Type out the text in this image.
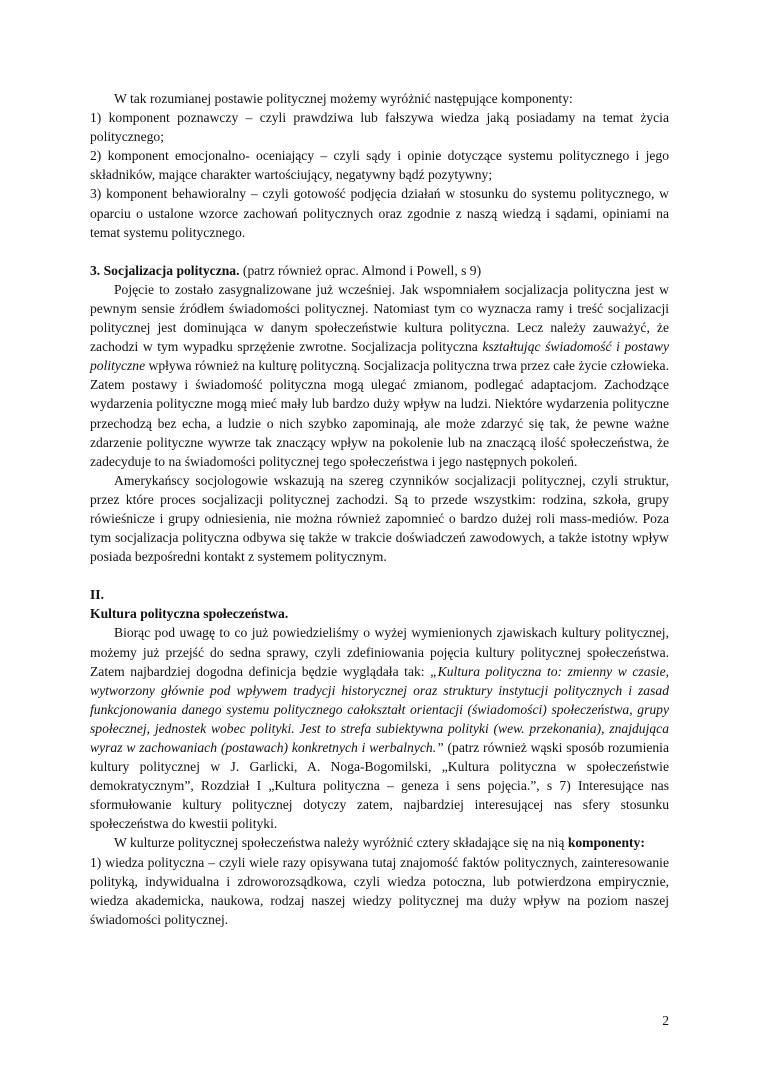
W tak rozumianej postawie politycznej możemy wyróżnić następujące komponenty:

1) komponent poznawczy – czyli prawdziwa lub fałszywa wiedza jaką posiadamy na temat życia politycznego;

2) komponent emocjonalno- oceniający – czyli sądy i opinie dotyczące systemu politycznego i jego składników, mające charakter wartościujący, negatywny bądź pozytywny;

3) komponent behawioralny – czyli gotowość podjęcia działań w stosunku do systemu politycznego, w oparciu o ustalone wzorce zachowań politycznych oraz zgodnie z naszą wiedzą i sądami, opiniami na temat systemu politycznego.

3. Socjalizacja polityczna. (patrz również oprac. Almond i Powell, s 9)

Pojęcie to zostało zasygnalizowane już wcześniej. Jak wspomniałem socjalizacja polityczna jest w pewnym sensie źródłem świadomości politycznej. Natomiast tym co wyznacza ramy i treść socjalizacji politycznej jest dominująca w danym społeczeństwie kultura polityczna. Lecz należy zauważyć, że zachodzi w tym wypadku sprzężenie zwrotne. Socjalizacja polityczna kształtując świadomość i postawy polityczne wpływa również na kulturę polityczną. Socjalizacja polityczna trwa przez całe życie człowieka. Zatem postawy i świadomość polityczna mogą ulegać zmianom, podlegać adaptacjom. Zachodzące wydarzenia polityczne mogą mieć mały lub bardzo duży wpływ na ludzi. Niektóre wydarzenia polityczne przechodzą bez echa, a ludzie o nich szybko zapominają, ale może zdarzyć się tak, że pewne ważne zdarzenie polityczne wywrze tak znaczący wpływ na pokolenie lub na znaczącą ilość społeczeństwa, że zadecyduje to na świadomości politycznej tego społeczeństwa i jego następnych pokoleń.

Amerykańscy socjologowie wskazują na szereg czynników socjalizacji politycznej, czyli struktur, przez które proces socjalizacji politycznej zachodzi. Są to przede wszystkim: rodzina, szkoła, grupy rówieśnicze i grupy odniesienia, nie można również zapomnieć o bardzo dużej roli mass-mediów. Poza tym socjalizacja polityczna odbywa się także w trakcie doświadczeń zawodowych, a także istotny wpływ posiada bezpośredni kontakt z systemem politycznym.

II.

Kultura polityczna społeczeństwa.

Biorąc pod uwagę to co już powiedzieliśmy o wyżej wymienionych zjawiskach kultury politycznej, możemy już przejść do sedna sprawy, czyli zdefiniowania pojęcia kultury politycznej społeczeństwa. Zatem najbardziej dogodna definicja będzie wyglądała tak: „Kultura polityczna to: zmienny w czasie, wytworzony głównie pod wpływem tradycji historycznej oraz struktury instytucji politycznych i zasad funkcjonowania danego systemu politycznego całokształt orientacji (świadomości) społeczeństwa, grupy społecznej, jednostek wobec polityki. Jest to strefa subiektywna polityki (wew. przekonania), znajdująca wyraz w zachowaniach (postawach) konkretnych i werbalnych.” (patrz również wąski sposób rozumienia kultury politycznej w J. Garlicki, A. Noga-Bogomilski, „Kultura polityczna w społeczeństwie demokratycznym”, Rozdział I „Kultura polityczna – geneza i sens pojęcia.”, s 7) Interesujące nas sformułowanie kultury politycznej dotyczy zatem, najbardziej interesującej nas sfery stosunku społeczeństwa do kwestii polityki.

W kulturze politycznej społeczeństwa należy wyróżnić cztery składające się na nią komponenty:

1) wiedza polityczna – czyli wiele razy opisywana tutaj znajomość faktów politycznych, zainteresowanie polityką, indywidualna i zdroworozsądkowa, czyli wiedza potoczna, lub potwierdzona empirycznie, wiedza akademicka, naukowa, rodzaj naszej wiedzy politycznej ma duży wpływ na poziom naszej świadomości politycznej.

2
